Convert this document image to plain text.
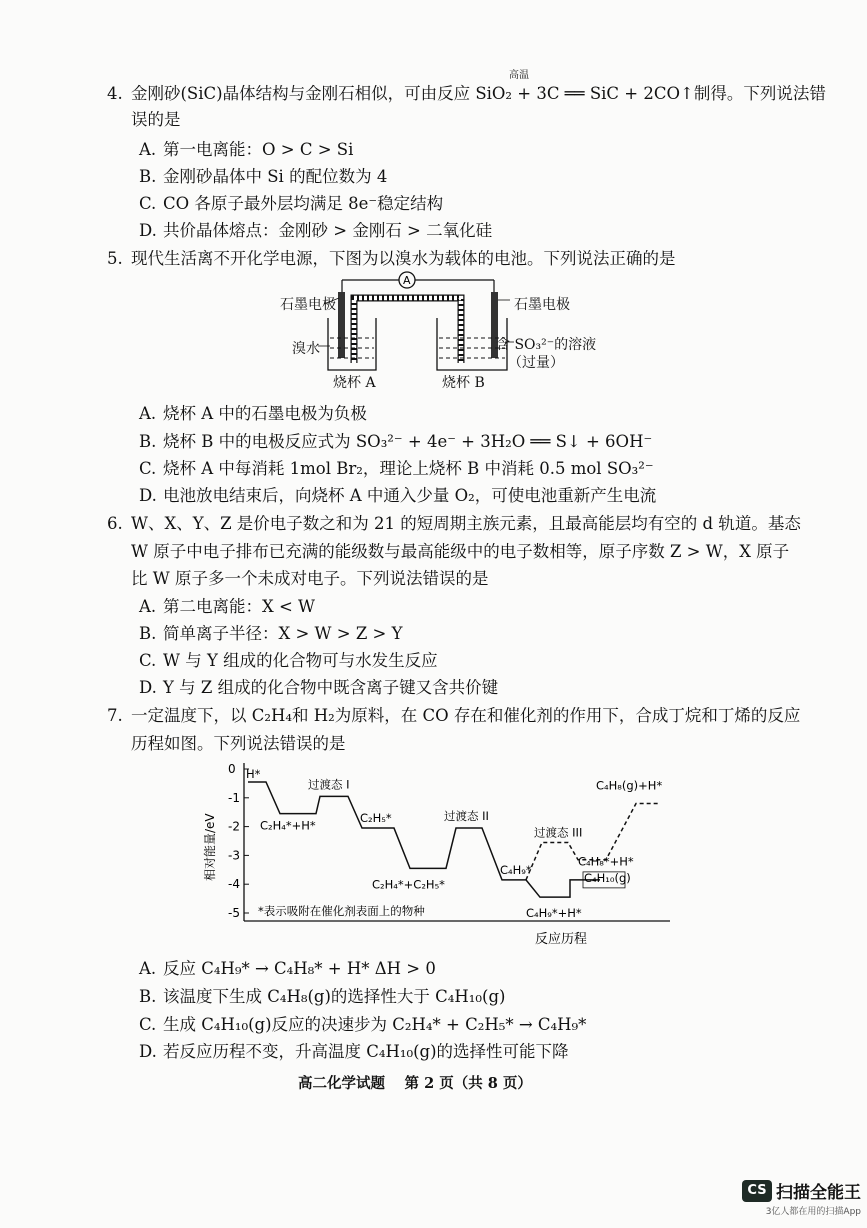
4. 金刚砂(SiC)晶体结构与金刚石相似，可由反应 SiO₂ + 3C ══ SiC + 2CO↑制得。下列说法错
高温
误的是
A. 第一电离能：O > C > Si
B. 金刚砂晶体中 Si 的配位数为 4
C. CO 各原子最外层均满足 8e⁻稳定结构
D. 共价晶体熔点：金刚砂 > 金刚石 > 二氧化硅
5. 现代生活离不开化学电源，下图为以溴水为载体的电池。下列说法正确的是
A
石墨电极	石墨电极
溴水	含 SO₃²⁻的溶液
（过量）
烧杯 A	烧杯 B
A. 烧杯 A 中的石墨电极为负极
B. 烧杯 B 中的电极反应式为 SO₃²⁻ + 4e⁻ + 3H₂O ══ S↓ + 6OH⁻
C. 烧杯 A 中每消耗 1mol Br₂，理论上烧杯 B 中消耗 0.5 mol SO₃²⁻
D. 电池放电结束后，向烧杯 A 中通入少量 O₂，可使电池重新产生电流
6. W、X、Y、Z 是价电子数之和为 21 的短周期主族元素，且最高能层均有空的 d 轨道。基态
W 原子中电子排布已充满的能级数与最高能级中的电子数相等，原子序数 Z > W，X 原子
比 W 原子多一个未成对电子。下列说法错误的是
A. 第二电离能：X < W
B. 简单离子半径：X > W > Z > Y
C. W 与 Y 组成的化合物可与水发生反应
D. Y 与 Z 组成的化合物中既含离子键又含共价键
7. 一定温度下，以 C₂H₄和 H₂为原料，在 CO 存在和催化剂的作用下，合成丁烷和丁烯的反应
历程如图。下列说法错误的是
0
-1
-2
-3
-4
-5
相对能量/eV
反应历程
*表示吸附在催化剂表面上的物种
H*
C₂H₄*+H*
过渡态 I
C₂H₅*
C₂H₄*+C₂H₅*
过渡态 II
C₄H₉*
C₄H₉*+H*
C₄H₁₀(g)
过渡态 III
C₄H₈*+H*
C₄H₈(g)+H*
A. 反应 C₄H₉* → C₄H₈* + H* ΔH > 0
B. 该温度下生成 C₄H₈(g)的选择性大于 C₄H₁₀(g)
C. 生成 C₄H₁₀(g)反应的决速步为 C₂H₄* + C₂H₅* → C₄H₉*
D. 若反应历程不变，升高温度 C₄H₁₀(g)的选择性可能下降
高二化学试题　 第 2 页（共 8 页）
CS 扫描全能王
3亿人都在用的扫描App
